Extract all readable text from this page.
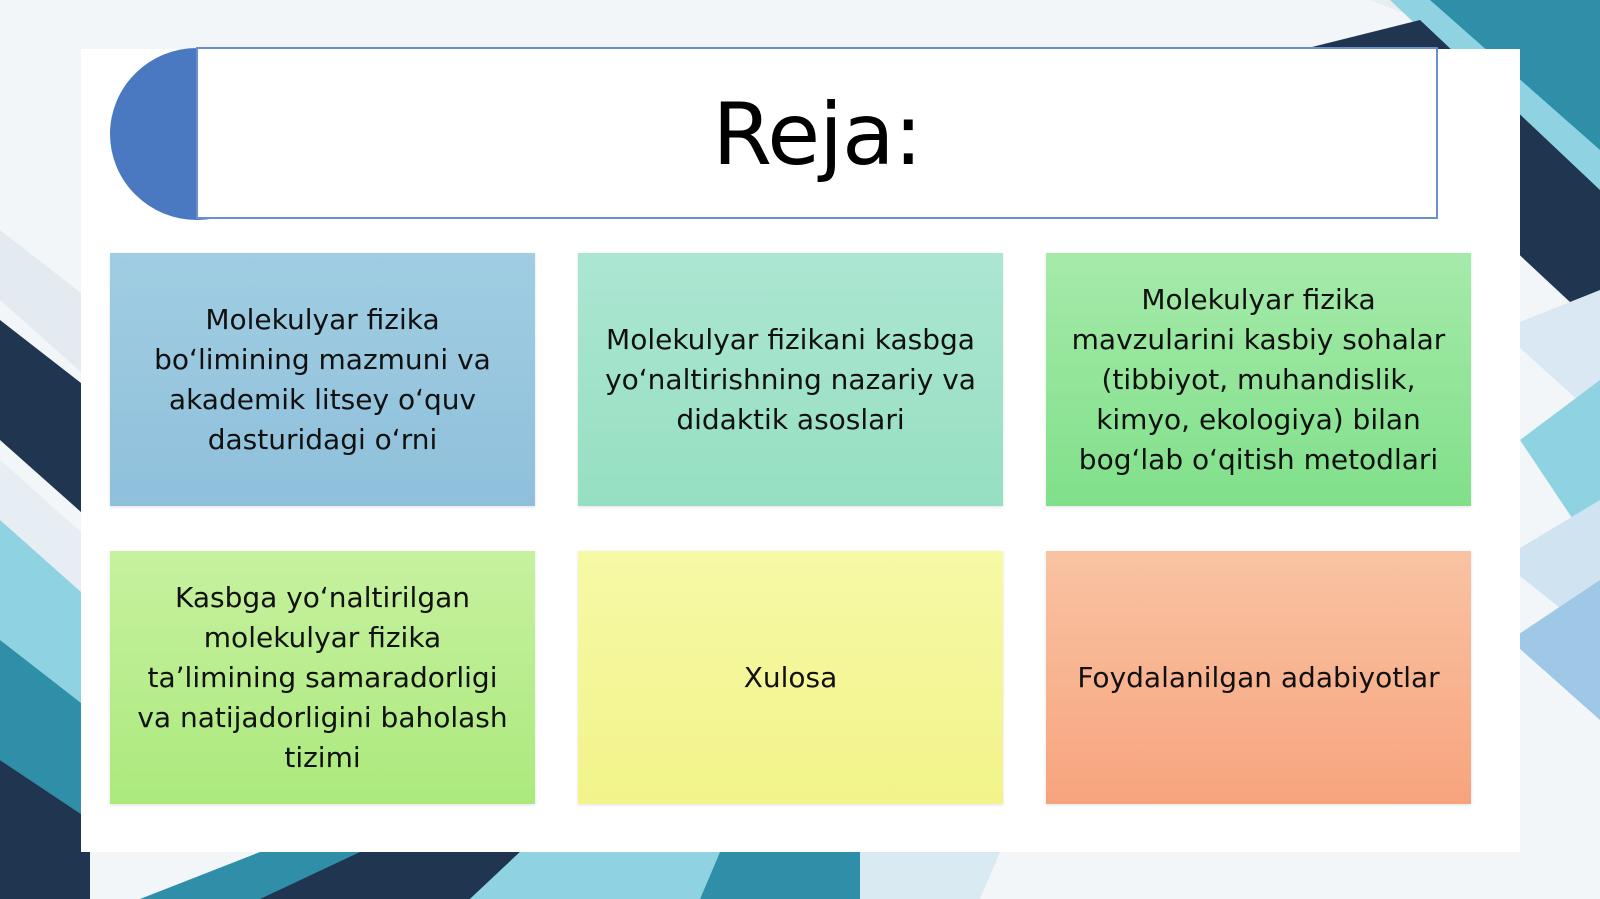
Reja:
Molekulyar fizika boʻlimining mazmuni va akademik litsey oʻquv dasturidagi oʻrni
Molekulyar fizikani kasbga yoʻnaltirishning nazariy va didaktik asoslari
Molekulyar fizika mavzularini kasbiy sohalar (tibbiyot, muhandislik, kimyo, ekologiya) bilan bogʻlab oʻqitish metodlari
Kasbga yoʻnaltirilgan molekulyar fizika taʼlimining samaradorligi va natijadorligini baholash tizimi
Xulosa	Foydalanilgan adabiyotlar
